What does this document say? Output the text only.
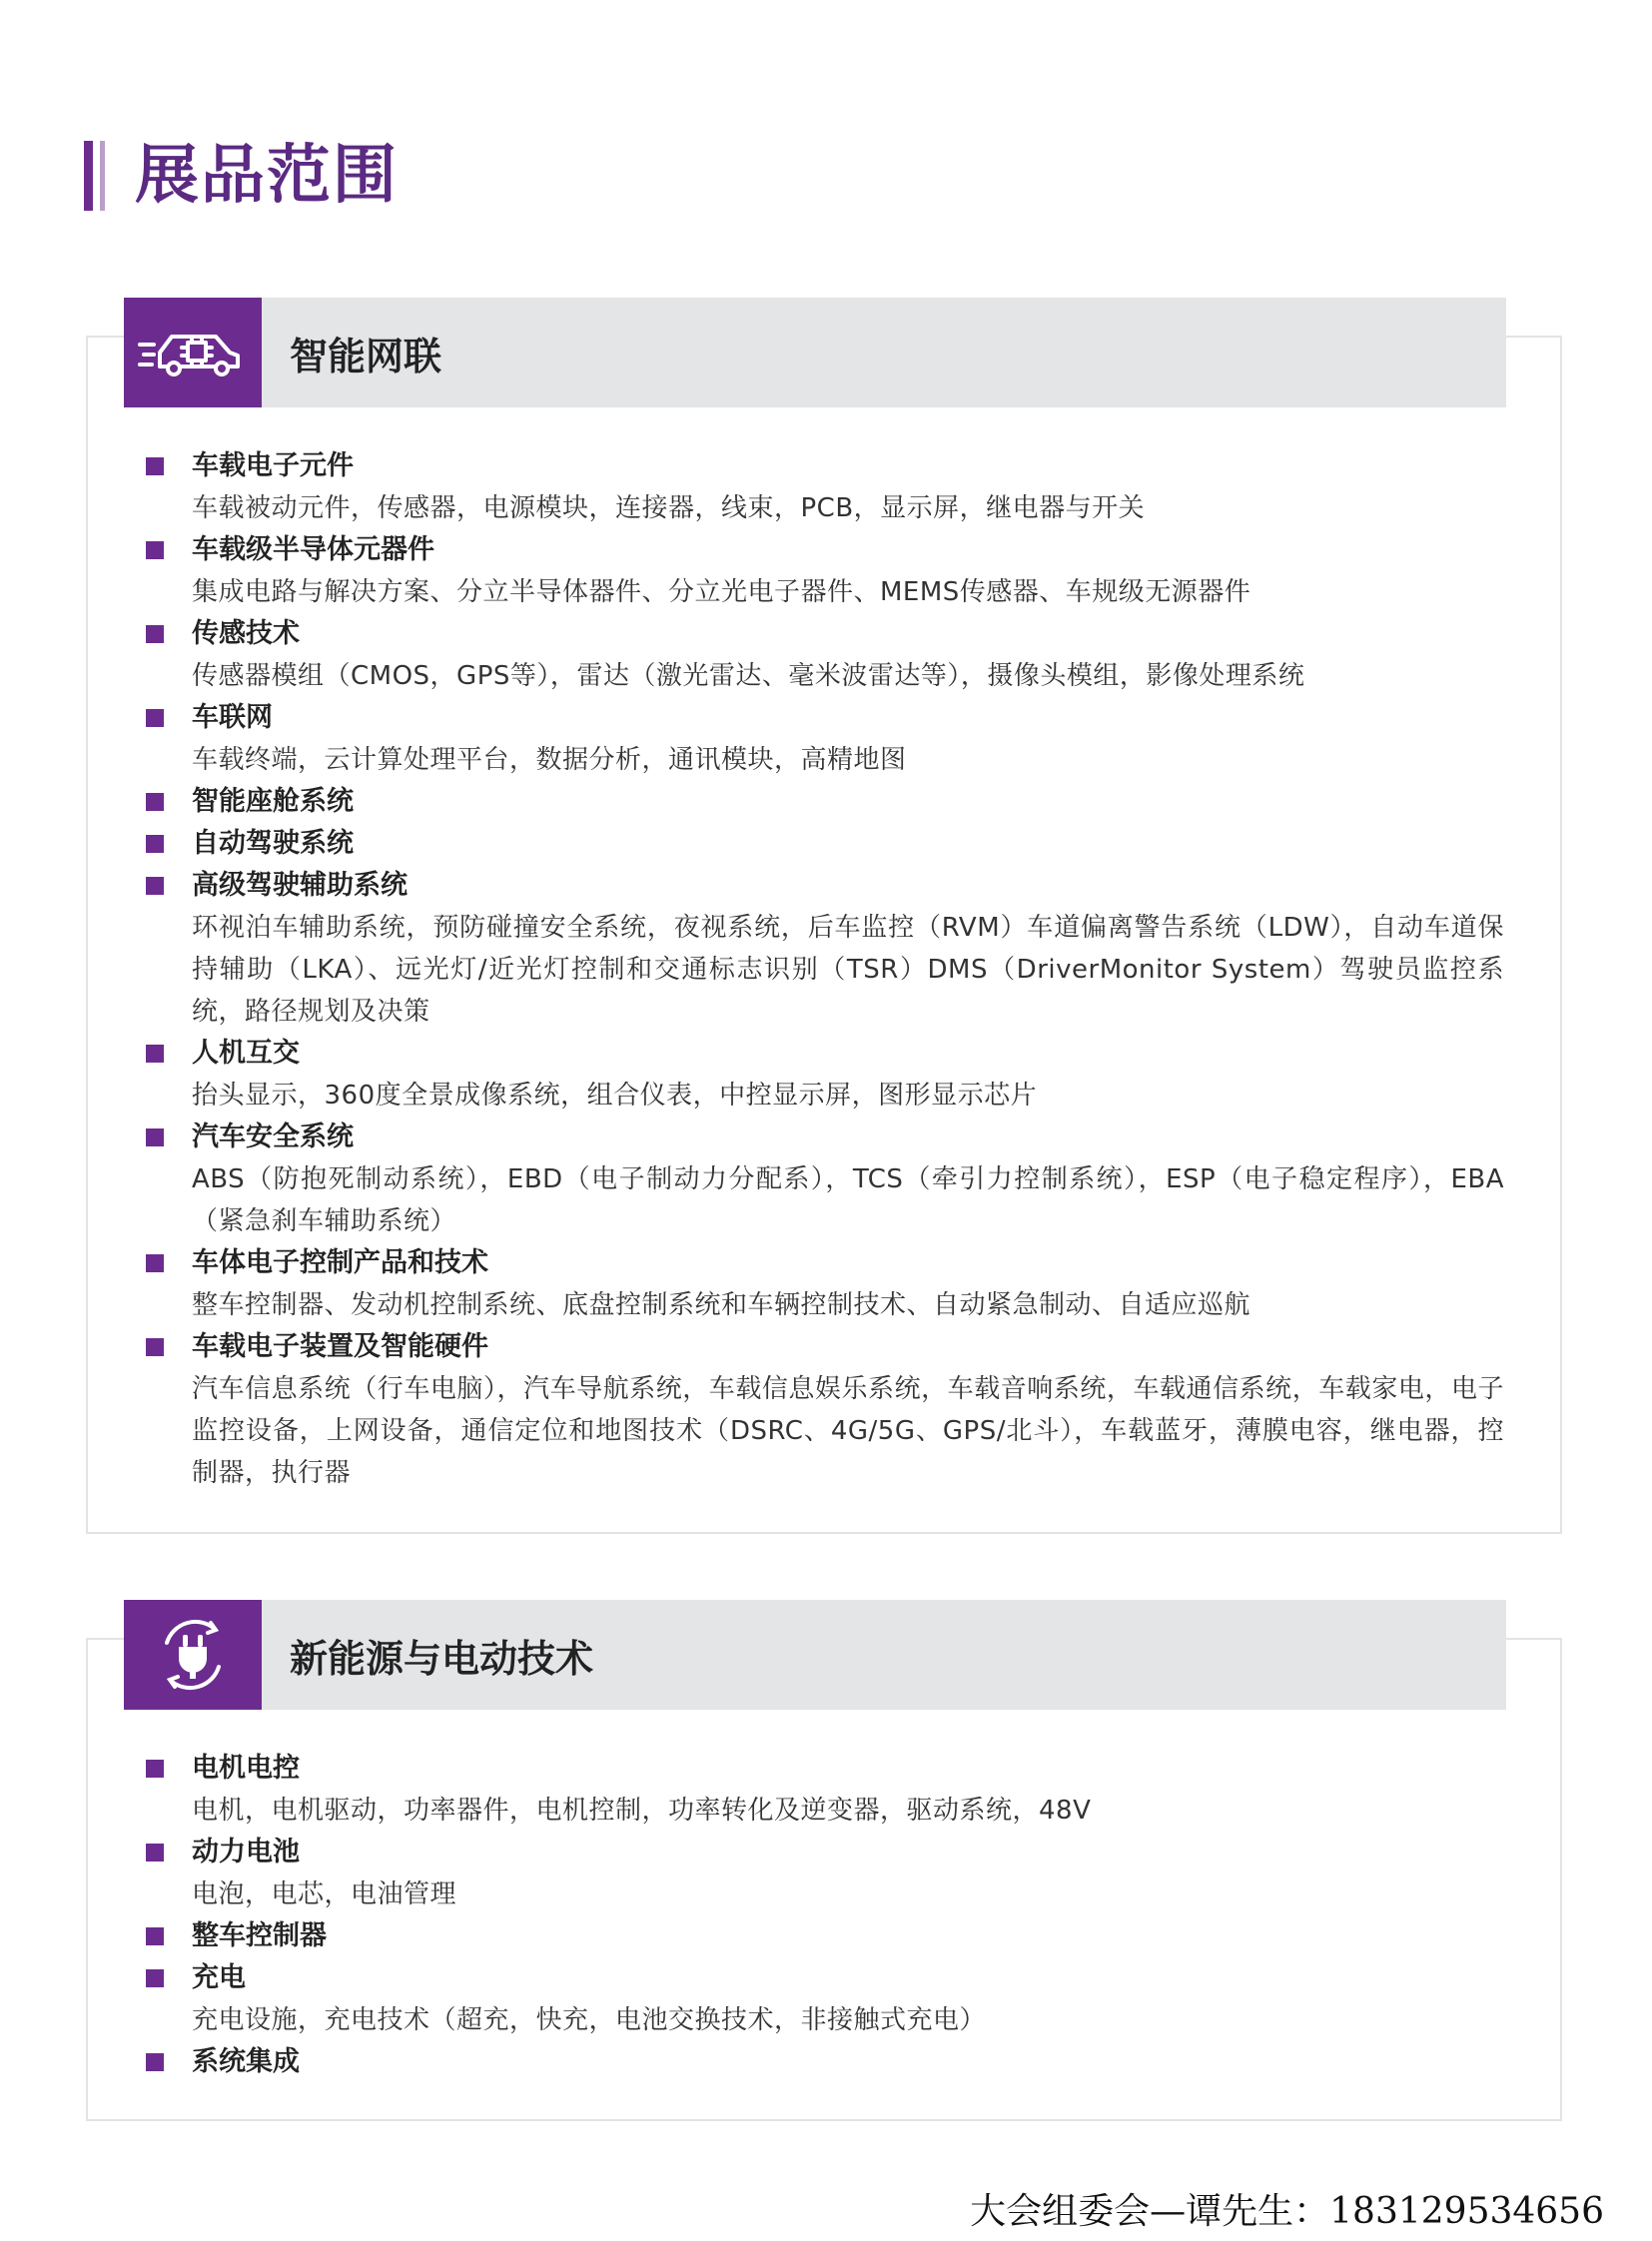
展品范围
智能网联
车载电子元件
车载被动元件，传感器，电源模块，连接器，线束，PCB，显示屏，继电器与开关
车载级半导体元器件
集成电路与解决方案、分立半导体器件、分立光电子器件、MEMS传感器、车规级无源器件
传感技术
传感器模组（CMOS，GPS等），雷达（激光雷达、毫米波雷达等），摄像头模组，影像处理系统
车联网
车载终端，云计算处理平台，数据分析，通讯模块，高精地图
智能座舱系统
自动驾驶系统
高级驾驶辅助系统
环视泊车辅助系统，预防碰撞安全系统，夜视系统，后车监控（RVM）车道偏离警告系统（LDW），自动车道保持辅助（LKA）、远光灯/近光灯控制和交通标志识别（TSR）DMS（DriverMonitor System）驾驶员监控系统，路径规划及决策
人机互交
抬头显示，360度全景成像系统，组合仪表，中控显示屏，图形显示芯片
汽车安全系统
ABS（防抱死制动系统），EBD（电子制动力分配系），TCS（牵引力控制系统），ESP（电子稳定程序），EBA（紧急刹车辅助系统）
车体电子控制产品和技术
整车控制器、发动机控制系统、底盘控制系统和车辆控制技术、自动紧急制动、自适应巡航
车载电子装置及智能硬件
汽车信息系统（行车电脑），汽车导航系统，车载信息娱乐系统，车载音响系统，车载通信系统，车载家电，电子监控设备，上网设备，通信定位和地图技术（DSRC、4G/5G、GPS/北斗），车载蓝牙，薄膜电容，继电器，控制器，执行器
新能源与电动技术
电机电控
电机，电机驱动，功率器件，电机控制，功率转化及逆变器，驱动系统，48V
动力电池
电泡，电芯，电油管理
整车控制器
充电
充电设施，充电技术（超充，快充，电池交换技术，非接触式充电）
系统集成
大会组委会—谭先生：18312953465​6
